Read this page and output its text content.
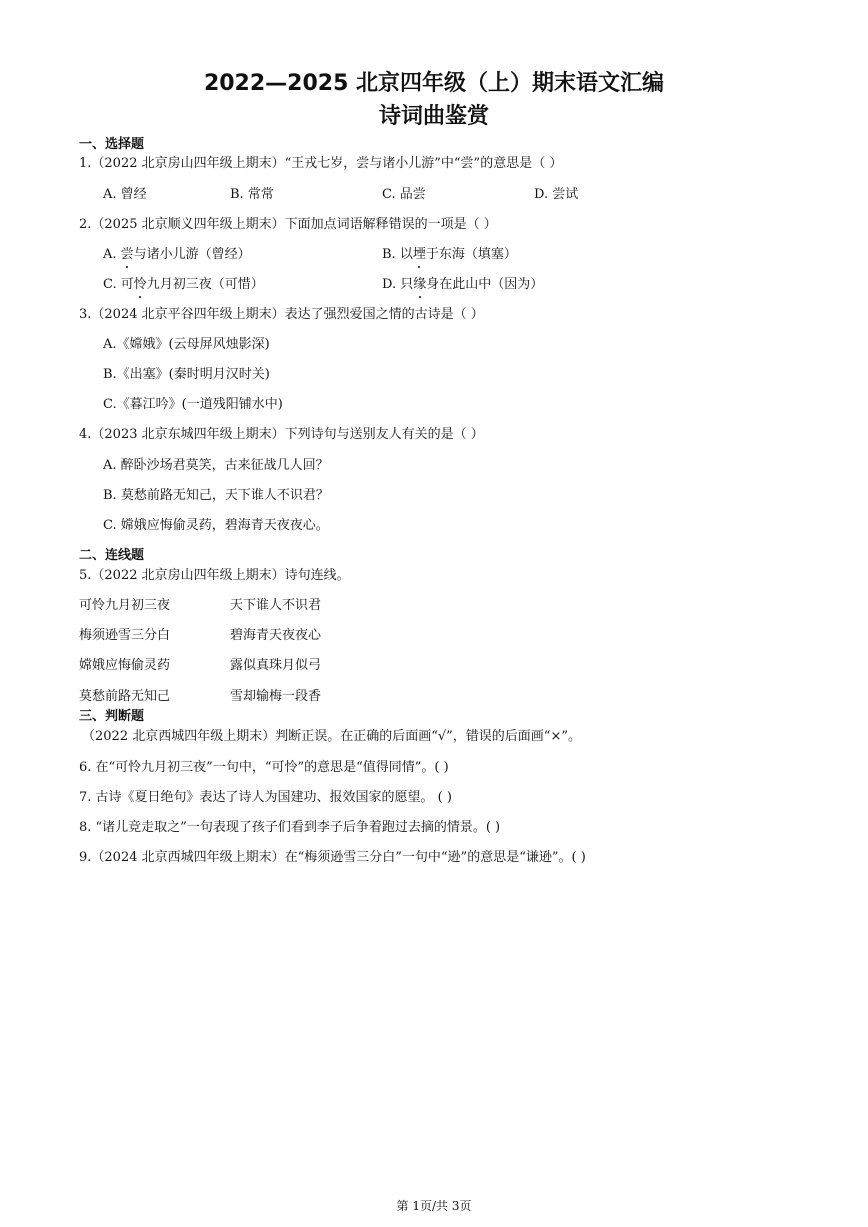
2022—2025 北京四年级（上）期末语文汇编
诗词曲鉴赏
一、选择题
1.（2022 北京房山四年级上期末）“王戎七岁，尝与诸小儿游”中“尝”的意思是（ ）
A. 曾经	B. 常常	C. 品尝	D. 尝试
2.（2025 北京顺义四年级上期末）下面加点词语解释错误的一项是（ ）
A. 尝与诸小儿游（曾经）	B. 以堙于东海（填塞）
C. 可怜九月初三夜（可惜）	D. 只缘身在此山中（因为）
3.（2024 北京平谷四年级上期末）表达了强烈爱国之情的古诗是（ ）
A.《嫦娥》(云母屏风烛影深)
B.《出塞》(秦时明月汉时关)
C.《暮江吟》(一道残阳铺水中)
4.（2023 北京东城四年级上期末）下列诗句与送别友人有关的是（ ）
A. 醉卧沙场君莫笑，古来征战几人回？
B. 莫愁前路无知己，天下谁人不识君？
C. 嫦娥应悔偷灵药，碧海青天夜夜心。
二、连线题
5.（2022 北京房山四年级上期末）诗句连线。
可怜九月初三夜	天下谁人不识君
梅须逊雪三分白	碧海青天夜夜心
嫦娥应悔偷灵药	露似真珠月似弓
莫愁前路无知己	雪却输梅一段香
三、判断题
（2022 北京西城四年级上期末）判断正误。在正确的后面画“√”，错误的后面画“×”。
6. 在“可怜九月初三夜”一句中，“可怜”的意思是“值得同情”。( )
7. 古诗《夏日绝句》表达了诗人为国建功、报效国家的愿望。 ( )
8. “诸儿竞走取之”一句表现了孩子们看到李子后争着跑过去摘的情景。( )
9.（2024 北京西城四年级上期末）在“梅须逊雪三分白”一句中“逊”的意思是“谦逊”。( )
第 1页/共 3页
